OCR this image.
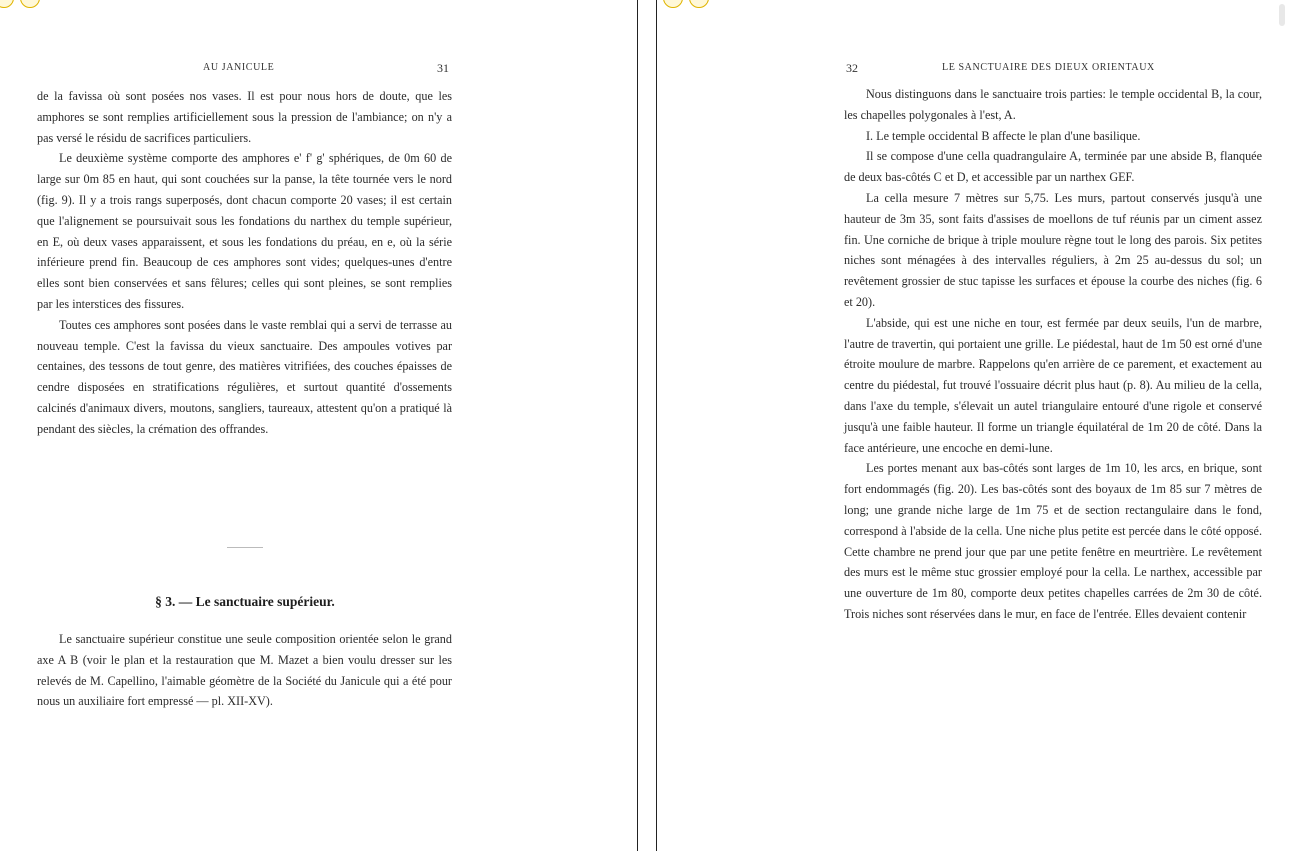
AU JANICULE	31

de la favissa où sont posées nos vases. Il est pour nous hors de doute, que les amphores se sont remplies artificiellement sous la pression de l'ambiance; on n'y a pas versé le résidu de sacrifices particuliers.

Le deuxième système comporte des amphores e' f' g' sphériques, de 0m 60 de large sur 0m 85 en haut, qui sont couchées sur la panse, la tête tournée vers le nord (fig. 9). Il y a trois rangs superposés, dont chacun comporte 20 vases; il est certain que l'alignement se poursuivait sous les fondations du narthex du temple supérieur, en E, où deux vases apparaissent, et sous les fondations du préau, en e, où la série inférieure prend fin. Beaucoup de ces amphores sont vides; quelques-unes d'entre elles sont bien conservées et sans fêlures; celles qui sont pleines, se sont remplies par les interstices des fissures.

Toutes ces amphores sont posées dans le vaste remblai qui a servi de terrasse au nouveau temple. C'est la favissa du vieux sanctuaire. Des ampoules votives par centaines, des tessons de tout genre, des matières vitrifiées, des couches épaisses de cendre disposées en stratifications régulières, et surtout quantité d'ossements calcinés d'animaux divers, moutons, sangliers, taureaux, attestent qu'on a pratiqué là pendant des siècles, la crémation des offrandes.

§ 3. — Le sanctuaire supérieur.

Le sanctuaire supérieur constitue une seule composition orientée selon le grand axe A B (voir le plan et la restauration que M. Mazet a bien voulu dresser sur les relevés de M. Capellino, l'aimable géomètre de la Société du Janicule qui a été pour nous un auxiliaire fort empressé — pl. XII-XV).

32	LE SANCTUAIRE DES DIEUX ORIENTAUX

Nous distinguons dans le sanctuaire trois parties: le temple occidental B, la cour, les chapelles polygonales à l'est, A.

I. Le temple occidental B affecte le plan d'une basilique.

Il se compose d'une cella quadrangulaire A, terminée par une abside B, flanquée de deux bas-côtés C et D, et accessible par un narthex GEF.

La cella mesure 7 mètres sur 5,75. Les murs, partout conservés jusqu'à une hauteur de 3m 35, sont faits d'assises de moellons de tuf réunis par un ciment assez fin. Une corniche de brique à triple moulure règne tout le long des parois. Six petites niches sont ménagées à des intervalles réguliers, à 2m 25 au-dessus du sol; un revêtement grossier de stuc tapisse les surfaces et épouse la courbe des niches (fig. 6 et 20).

L'abside, qui est une niche en tour, est fermée par deux seuils, l'un de marbre, l'autre de travertin, qui portaient une grille. Le piédestal, haut de 1m 50 est orné d'une étroite moulure de marbre. Rappelons qu'en arrière de ce parement, et exactement au centre du piédestal, fut trouvé l'ossuaire décrit plus haut (p. 8). Au milieu de la cella, dans l'axe du temple, s'élevait un autel triangulaire entouré d'une rigole et conservé jusqu'à une faible hauteur. Il forme un triangle équilatéral de 1m 20 de côté. Dans la face antérieure, une encoche en demi-lune.

Les portes menant aux bas-côtés sont larges de 1m 10, les arcs, en brique, sont fort endommagés (fig. 20). Les bas-côtés sont des boyaux de 1m 85 sur 7 mètres de long; une grande niche large de 1m 75 et de section rectangulaire dans le fond, correspond à l'abside de la cella. Une niche plus petite est percée dans le côté opposé. Cette chambre ne prend jour que par une petite fenêtre en meurtrière. Le revêtement des murs est le même stuc grossier employé pour la cella. Le narthex, accessible par une ouverture de 1m 80, comporte deux petites chapelles carrées de 2m 30 de côté. Trois niches sont réservées dans le mur, en face de l'entrée. Elles devaient contenir
